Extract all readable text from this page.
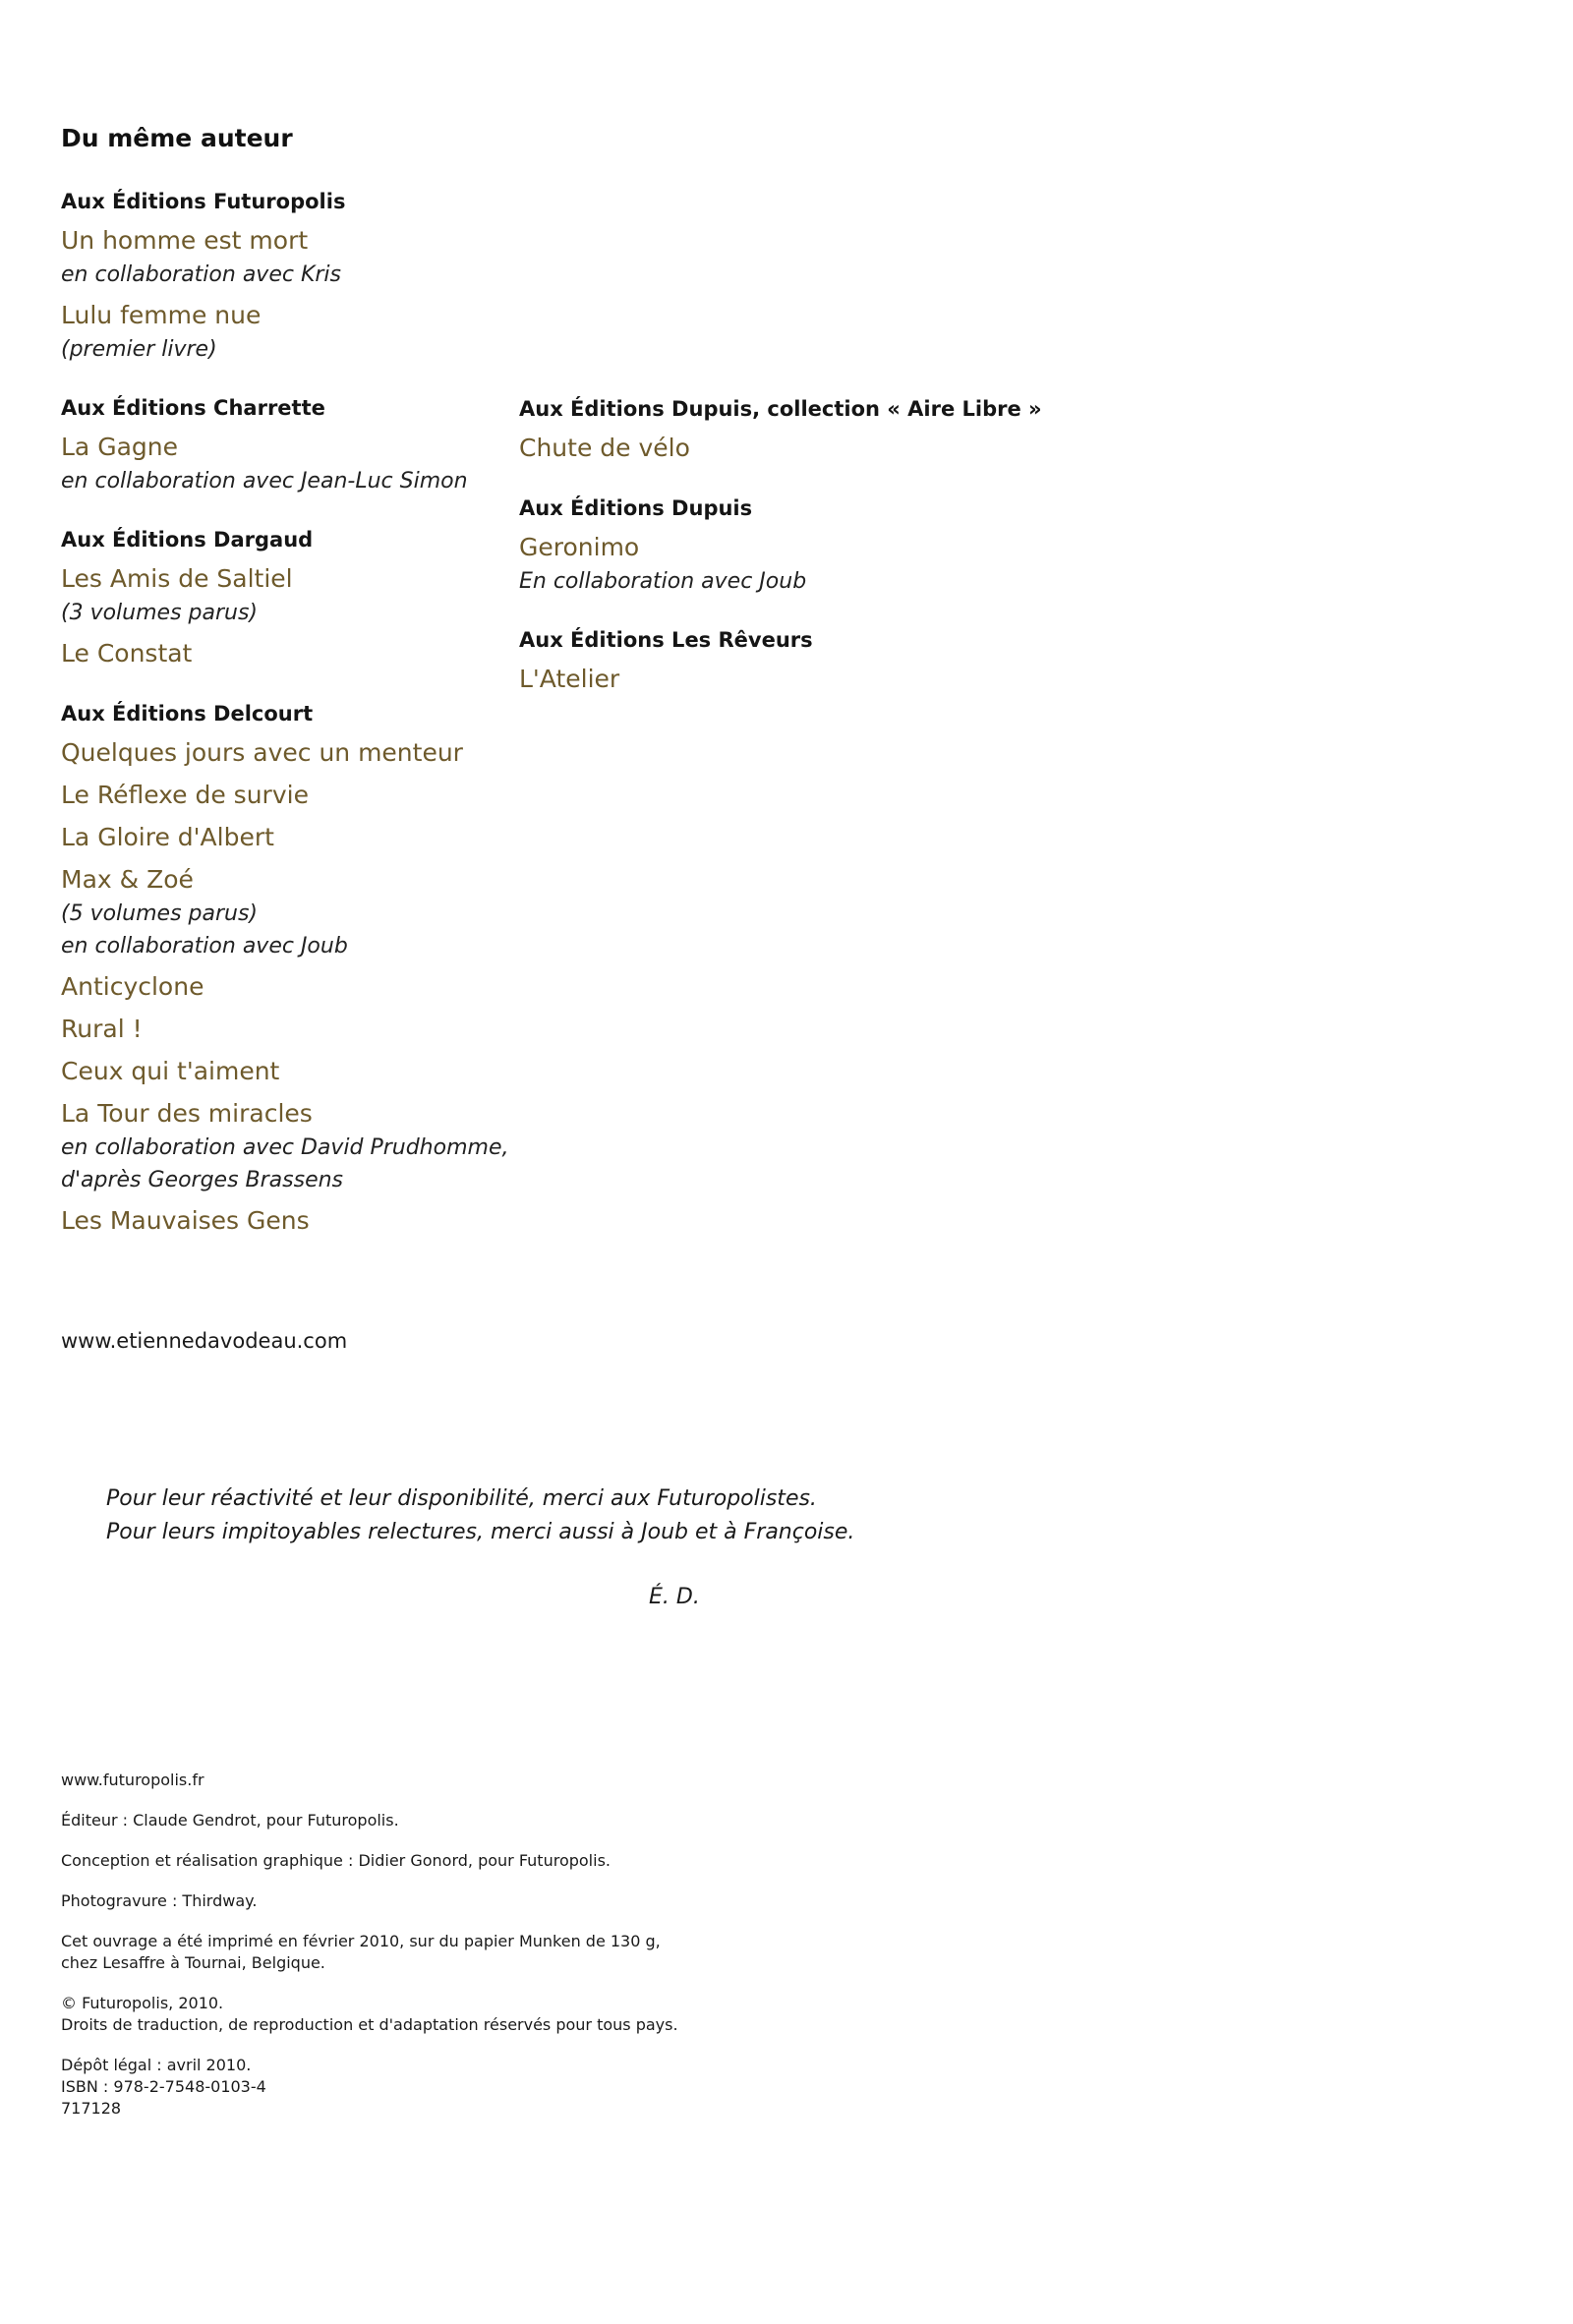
Du même auteur
Aux Éditions Futuropolis
Un homme est mort
en collaboration avec Kris
Lulu femme nue
(premier livre)
Aux Éditions Charrette
La Gagne
en collaboration avec Jean-Luc Simon
Aux Éditions Dargaud
Les Amis de Saltiel
(3 volumes parus)
Le Constat
Aux Éditions Delcourt
Quelques jours avec un menteur
Le Réflexe de survie
La Gloire d'Albert
Max & Zoé
(5 volumes parus)
en collaboration avec Joub
Anticyclone
Rural !
Ceux qui t'aiment
La Tour des miracles
en collaboration avec David Prudhomme,
d'après Georges Brassens
Les Mauvaises Gens
Aux Éditions Dupuis, collection « Aire Libre »
Chute de vélo
Aux Éditions Dupuis
Geronimo
En collaboration avec Joub
Aux Éditions Les Rêveurs
L'Atelier
www.etiennedavodeau.com
Pour leur réactivité et leur disponibilité, merci aux Futuropolistes.
Pour leurs impitoyables relectures, merci aussi à Joub et à Françoise.
É. D.
www.futuropolis.fr
Éditeur : Claude Gendrot, pour Futuropolis.
Conception et réalisation graphique : Didier Gonord, pour Futuropolis.
Photogravure : Thirdway.
Cet ouvrage a été imprimé en février 2010, sur du papier Munken de 130 g,
chez Lesaffre à Tournai, Belgique.
© Futuropolis, 2010.
Droits de traduction, de reproduction et d'adaptation réservés pour tous pays.
Dépôt légal : avril 2010.
ISBN : 978-2-7548-0103-4
717128
